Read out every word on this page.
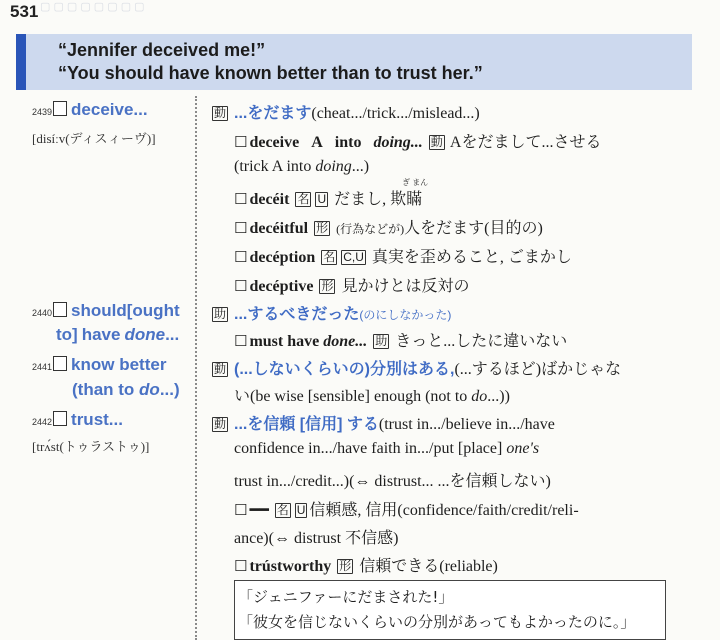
▢ ▢ ▢ ▢ ▢ ▢ ▢ ▢
531
“Jennifer deceived me!”
“You should have known better than to trust her.”
2439 deceive...
[disíːv(ディスィーヴ)]
2440 should[ought
to] have done...
2441 know better
(than to do...)
2442 trust...
[trʌ́st(トゥラストゥ)]
動 ...をだます(cheat.../trick.../mislead...)
☐ deceive A into doing... 動 Aをだまして...させる
(trick A into doing...)
☐ decéit 名 U だまし, 欺瞞
ぎ まん
☐ decéitful 形 (行為などが)人をだます(目的の)
☐ decéption 名 C,U 真実を歪めること, ごまかし
☐ decéptive 形 見かけとは反対の
助 ...するべきだった(のにしなかった)
☐ must have done... 助 きっと...したに違いない
動 (...しないくらいの)分別はある,(...するほど)ばかじゃな
い(be wise [sensible] enough (not to do...))
動 ...を信頼 [信用] する(trust in.../believe in.../have
confidence in.../have faith in.../put [place] one's
trust in.../credit...)(⇔ distrust... ...を信頼しない)
☐ ━━ 名 U 信頼感, 信用(confidence/faith/credit/reli-
ance)(⇔ distrust 不信感)
☐ trústworthy 形 信頼できる(reliable)
「ジェニファーにだまされた!」
「彼女を信じないくらいの分別があってもよかったのに。」
